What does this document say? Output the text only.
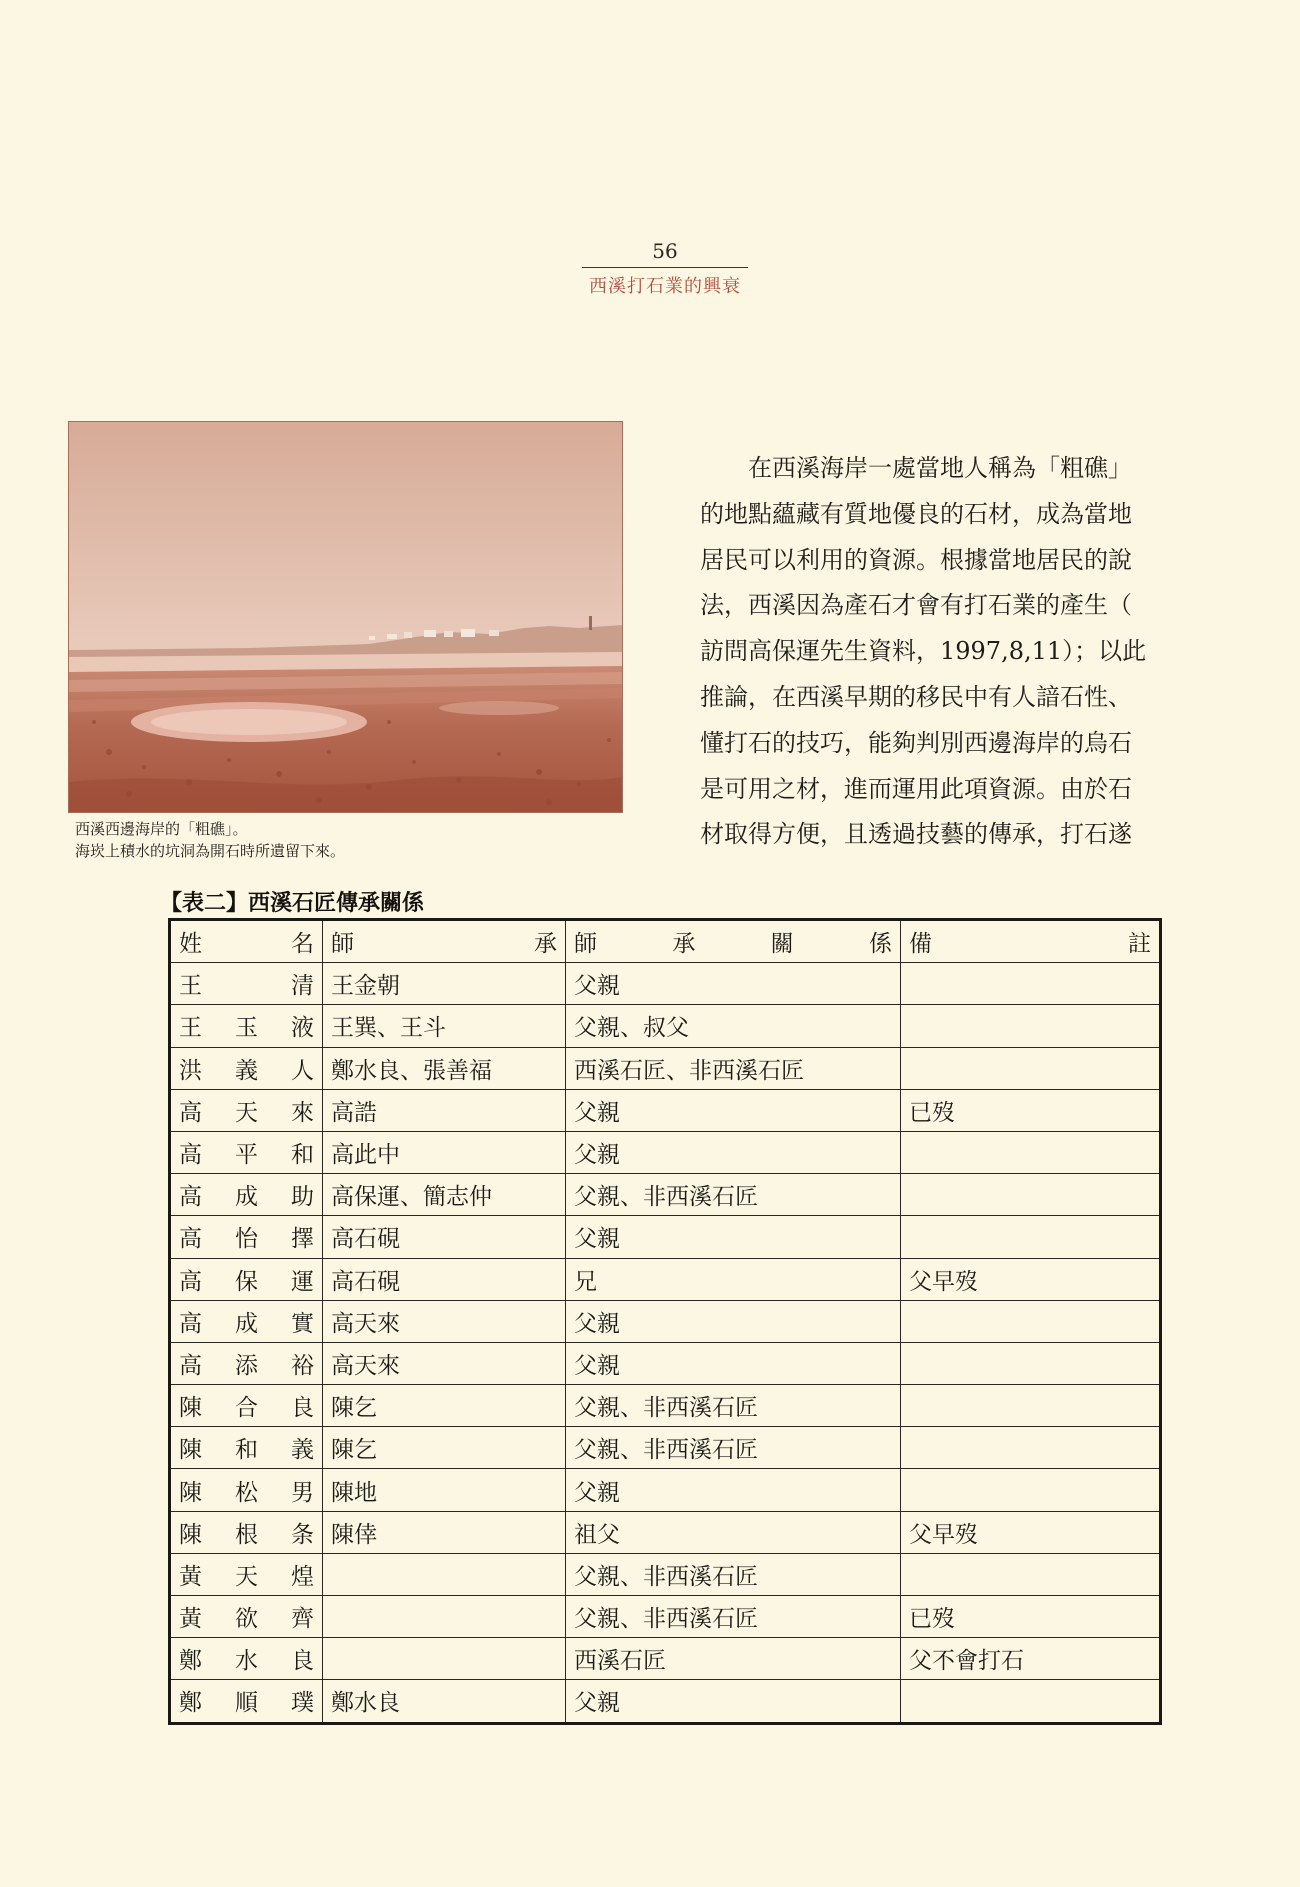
56
西溪打石業的興衰
西溪西邊海岸的「粗礁」。
海崁上積水的坑洞為開石時所遺留下來。
在西溪海岸一處當地人稱為「粗礁」
的地點蘊藏有質地優良的石材，成為當地
居民可以利用的資源。根據當地居民的說
法，西溪因為產石才會有打石業的產生（
訪問高保運先生資料，1997,8,11）；以此
推論，在西溪早期的移民中有人諳石性、
懂打石的技巧，能夠判別西邊海岸的烏石
是可用之材，進而運用此項資源。由於石
材取得方便，且透過技藝的傳承，打石遂
【表二】西溪石匠傳承關係
姓名	師承	師承關係	備註
王清	王金朝	父親	
王玉液	王巽、王斗	父親、叔父	
洪義人	鄭水良、張善福	西溪石匠、非西溪石匠	
高天來	高誥	父親	已歿
高平和	高此中	父親	
高成助	高保運、簡志仲	父親、非西溪石匠	
高怡擇	高石硯	父親	
高保運	高石硯	兄	父早歿
高成實	高天來	父親	
高添裕	高天來	父親	
陳合良	陳乞	父親、非西溪石匠	
陳和義	陳乞	父親、非西溪石匠	
陳松男	陳地	父親	
陳根条	陳倖	祖父	父早歿
黃天煌		父親、非西溪石匠	
黃欲齊		父親、非西溪石匠	已歿
鄭水良		西溪石匠	父不會打石
鄭順璞	鄭水良	父親	
